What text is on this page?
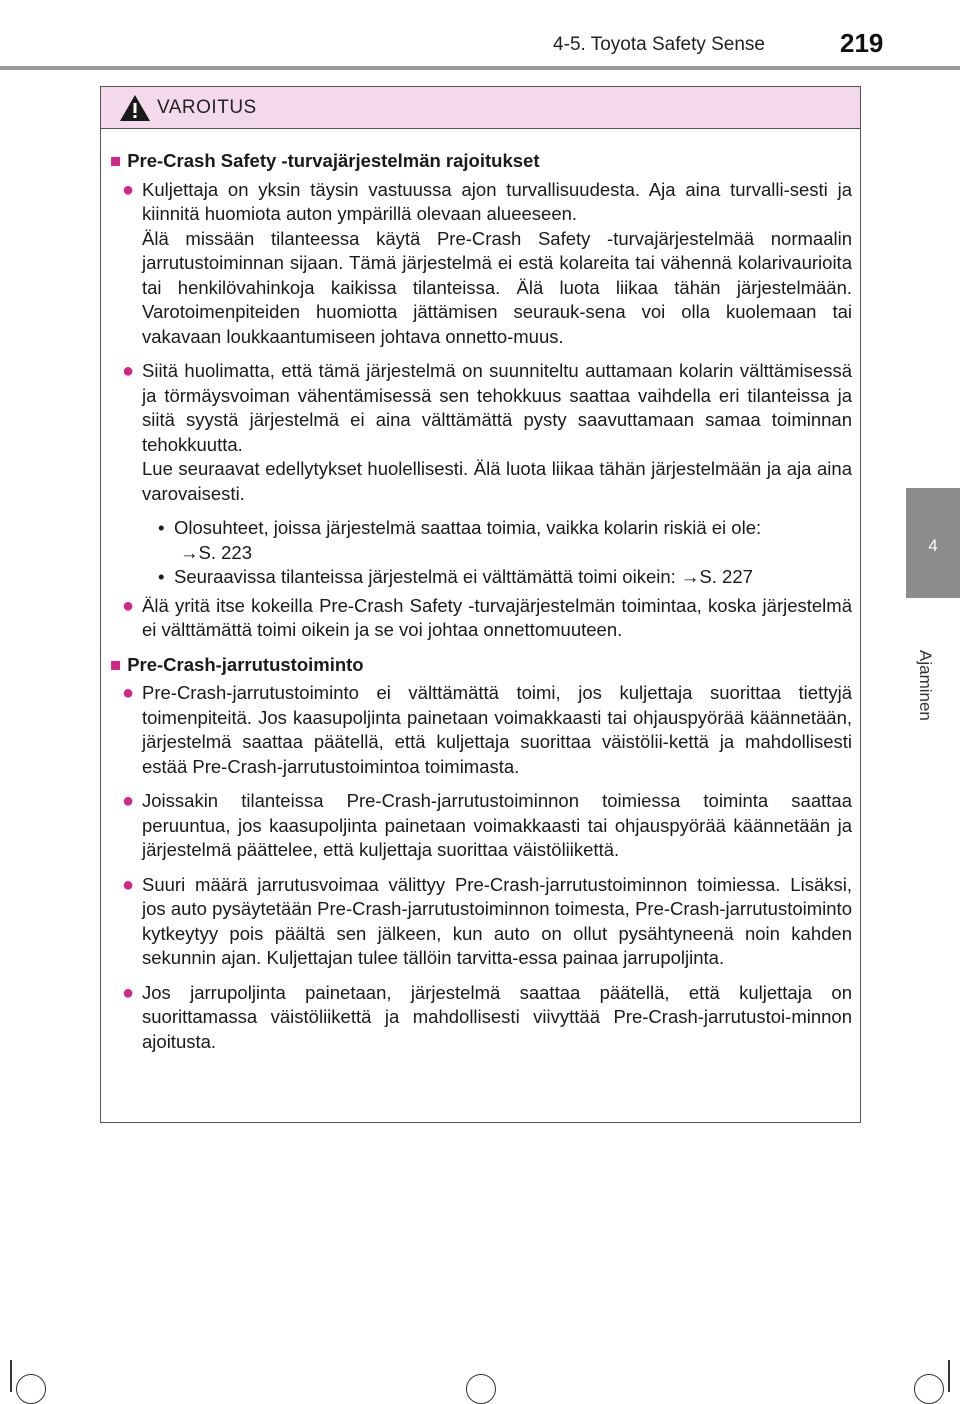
4-5. Toyota Safety Sense	219
4
Ajaminen
VAROITUS
■ Pre-Crash Safety -turvajärjestelmän rajoitukset
● Kuljettaja on yksin täysin vastuussa ajon turvallisuudesta. Aja aina turvalli-sesti ja kiinnitä huomiota auton ympärillä olevaan alueeseen.

Älä missään tilanteessa käytä Pre-Crash Safety -turvajärjestelmää normaalin jarrutustoiminnan sijaan. Tämä järjestelmä ei estä kolareita tai vähennä kolarivaurioita tai henkilövahinkoja kaikissa tilanteissa. Älä luota liikaa tähän järjestelmään. Varotoimenpiteiden huomiotta jättämisen seurauk-sena voi olla kuolemaan tai vakavaan loukkaantumiseen johtava onnetto-muus.

● Siitä huolimatta, että tämä järjestelmä on suunniteltu auttamaan kolarin välttämisessä ja törmäysvoiman vähentämisessä sen tehokkuus saattaa vaihdella eri tilanteissa ja siitä syystä järjestelmä ei aina välttämättä pysty saavuttamaan samaa toiminnan tehokkuutta.

Lue seuraavat edellytykset huolellisesti. Älä luota liikaa tähän järjestelmään ja aja aina varovaisesti.

• Olosuhteet, joissa järjestelmä saattaa toimia, vaikka kolarin riskiä ei ole:
→S. 223
• Seuraavissa tilanteissa järjestelmä ei välttämättä toimi oikein: →S. 227
● Älä yritä itse kokeilla Pre-Crash Safety -turvajärjestelmän toimintaa, koska järjestelmä ei välttämättä toimi oikein ja se voi johtaa onnettomuuteen.

■ Pre-Crash-jarrutustoiminto
● Pre-Crash-jarrutustoiminto ei välttämättä toimi, jos kuljettaja suorittaa tiettyjä toimenpiteitä. Jos kaasupoljinta painetaan voimakkaasti tai ohjauspyörää käännetään, järjestelmä saattaa päätellä, että kuljettaja suorittaa väistölii-kettä ja mahdollisesti estää Pre-Crash-jarrutustoimintoa toimimasta.

● Joissakin tilanteissa Pre-Crash-jarrutustoiminnon toimiessa toiminta saattaa peruuntua, jos kaasupoljinta painetaan voimakkaasti tai ohjauspyörää käännetään ja järjestelmä päättelee, että kuljettaja suorittaa väistöliikettä.

● Suuri määrä jarrutusvoimaa välittyy Pre-Crash-jarrutustoiminnon toimiessa. Lisäksi, jos auto pysäytetään Pre-Crash-jarrutustoiminnon toimesta, Pre-Crash-jarrutustoiminto kytkeytyy pois päältä sen jälkeen, kun auto on ollut pysähtyneenä noin kahden sekunnin ajan. Kuljettajan tulee tällöin tarvitta-essa painaa jarrupoljinta.

● Jos jarrupoljinta painetaan, järjestelmä saattaa päätellä, että kuljettaja on suorittamassa väistöliikettä ja mahdollisesti viivyttää Pre-Crash-jarrutustoi-minnon ajoitusta.
